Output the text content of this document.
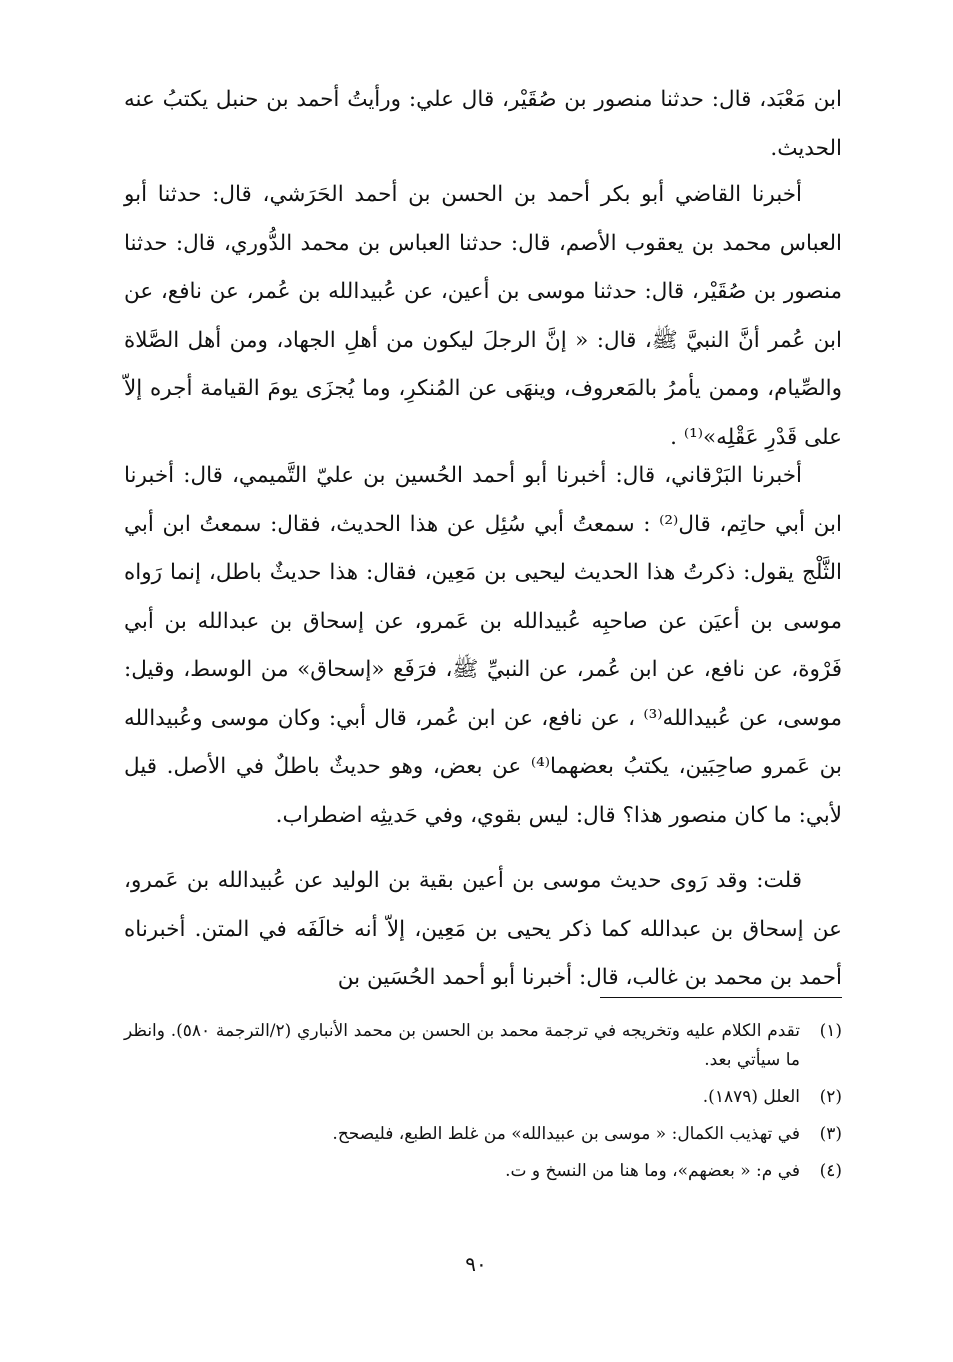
ابن مَعْبَد، قال: حدثنا منصور بن صُقَيْر، قال علي: ورأيتُ أحمد بن حنبل يكتبُ عنه الحديث.

أخبرنا القاضي أبو بكر أحمد بن الحسن بن أحمد الحَرَشي، قال: حدثنا أبو العباس محمد بن يعقوب الأصم، قال: حدثنا العباس بن محمد الدُّوري، قال: حدثنا منصور بن صُقَيْر، قال: حدثنا موسى بن أعين، عن عُبيدالله بن عُمر، عن نافع، عن ابن عُمر أنَّ النبيَّ ﷺ، قال: « إنَّ الرجلَ ليكون من أهلِ الجهاد، ومن أهل الصَّلاة والصِّيام، وممن يأمرُ بالمَعروف، وينهَى عن المُنكرِ، وما يُجزَى يومَ القيامة أجره إلاّ على قَدْرِ عَقْلِه»⁽¹⁾ .

أخبرنا البَرْقاني، قال: أخبرنا أبو أحمد الحُسين بن عليّ التَّميمي، قال: أخبرنا ابن أبي حاتِم، قال⁽²⁾ : سمعتُ أبي سُئِل عن هذا الحديث، فقال: سمعتُ ابن أبي الثَّلْج يقول: ذكرتُ هذا الحديث ليحيى بن مَعِين، فقال: هذا حديثٌ باطل، إنما رَواه موسى بن أعيَن عن صاحبِه عُبيدالله بن عَمرو، عن إسحاق بن عبدالله بن أبي فَرْوة، عن نافع، عن ابن عُمر، عن النبيِّ ﷺ، فرَفَع «إسحاق» من الوسط، وقيل: موسى، عن عُبيدالله⁽³⁾ ، عن نافع، عن ابن عُمر، قال أبي: وكان موسى وعُبيدالله بن عَمرو صاحِبَين، يكتبُ بعضهما⁽⁴⁾ عن بعض، وهو حديثٌ باطلٌ في الأصل. قيل لأبي: ما كان منصور هذا؟ قال: ليس بقوي، وفي حَديثِه اضطراب.

قلت: وقد رَوى حديث موسى بن أعين بقية بن الوليد عن عُبيدالله بن عَمرو، عن إسحاق بن عبدالله كما ذكر يحيى بن مَعِين، إلاّ أنه خالَفَه في المتن. أخبرناه أحمد بن محمد بن غالب، قال: أخبرنا أبو أحمد الحُسَين بن

(١)
تقدم الكلام عليه وتخريجه في ترجمة محمد بن الحسن بن محمد الأنباري (٢/الترجمة ٥٨٠). وانظر ما سيأتي بعد.
(٢)
العلل (١٨٧٩).
(٣)
في تهذيب الكمال: « موسى بن عبيدالله» من غلط الطبع، فليصحح.
(٤)
في م: « بعضهم»، وما هنا من النسخ و ت.
٩٠
